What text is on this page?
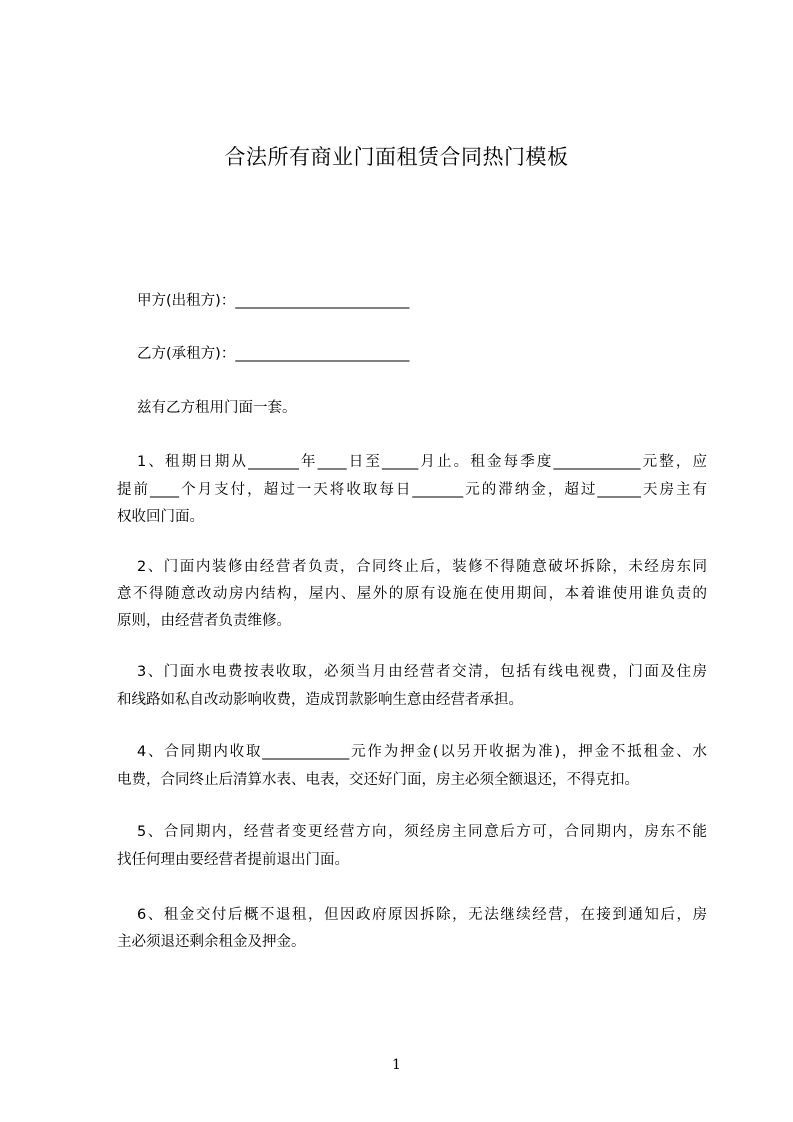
合法所有商业门面租赁合同热门模板
甲方(出租方)：________________________
乙方(承租方)：________________________
兹有乙方租用门面一套。
1、租期日期从_______年____日至_____月止。租金每季度____________元整，应
提前____个月支付，超过一天将收取每日_______元的滞纳金，超过______天房主有
权收回门面。
2、门面内装修由经营者负责，合同终止后，装修不得随意破坏拆除，未经房东同
意不得随意改动房内结构，屋内、屋外的原有设施在使用期间，本着谁使用谁负责的
原则，由经营者负责维修。
3、门面水电费按表收取，必须当月由经营者交清，包括有线电视费，门面及住房
和线路如私自改动影响收费，造成罚款影响生意由经营者承担。
4、合同期内收取____________元作为押金(以另开收据为准)，押金不抵租金、水
电费，合同终止后清算水表、电表，交还好门面，房主必须全额退还，不得克扣。
5、合同期内，经营者变更经营方向，须经房主同意后方可，合同期内，房东不能
找任何理由要经营者提前退出门面。
6、租金交付后概不退租，但因政府原因拆除，无法继续经营，在接到通知后，房
主必须退还剩余租金及押金。
1
